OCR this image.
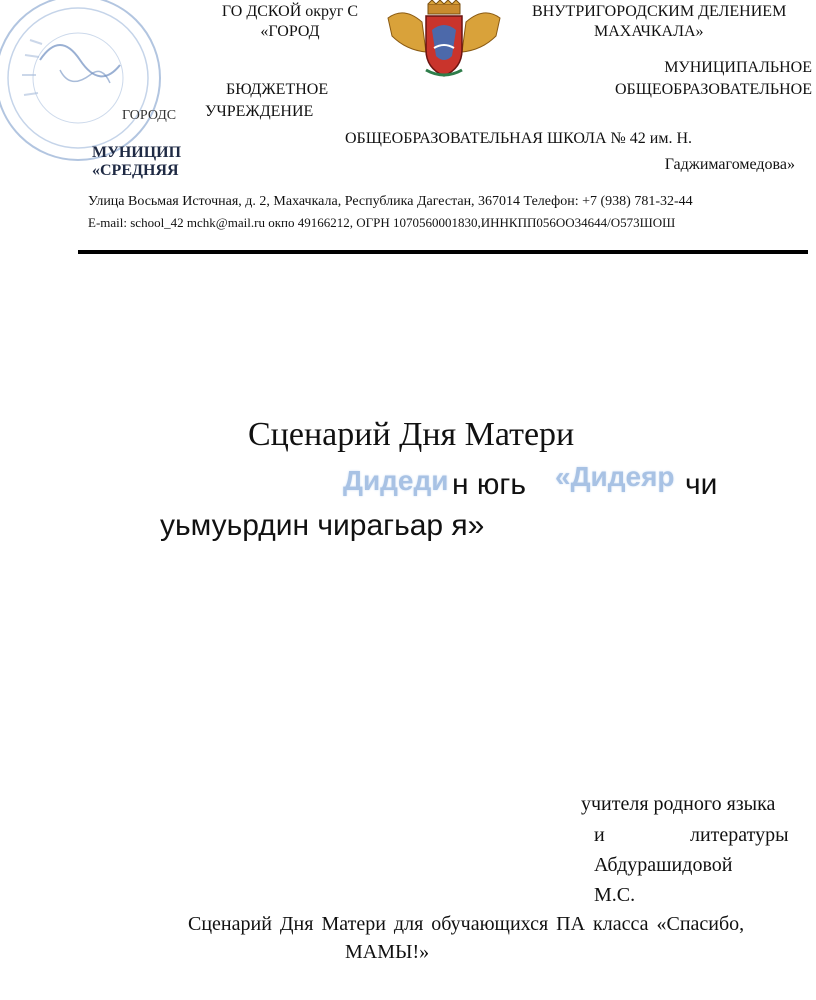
ГОРОДС
МУНИЦИП
«СРЕДНЯЯ
ГО ДСКОЙ округ С
«ГОРОД
ВНУТРИГОРОДСКИМ ДЕЛЕНИЕМ
МАХАЧКАЛА»
МУНИЦИПАЛЬНОЕ
БЮДЖЕТНОЕ	ОБЩЕОБРАЗОВАТЕЛЬНОЕ
УЧРЕЖДЕНИЕ
ОБЩЕОБРАЗОВАТЕЛЬНАЯ ШКОЛА № 42 им. Н.
Гаджимагомедова»
Улица Восьмая Источная, д. 2, Махачкала, Республика Дагестан, 367014 Телефон: +7 (938) 781-32-44
E-mail: school_42 mchk@mail.ru окпо 49166212, ОГРН 1070560001830,ИННКПП056ОО34644/О573ШОШ
Сценарий Дня Матери
Дидеди н югь «Дидеяр чи
уьмуьрдин чирагьар я»
учителя родного языка
и	литературы
Абдурашидовой
М.С.
Сценарий Дня Матери для обучающихся ПА класса «Спасибо,
МАМЫ!»
